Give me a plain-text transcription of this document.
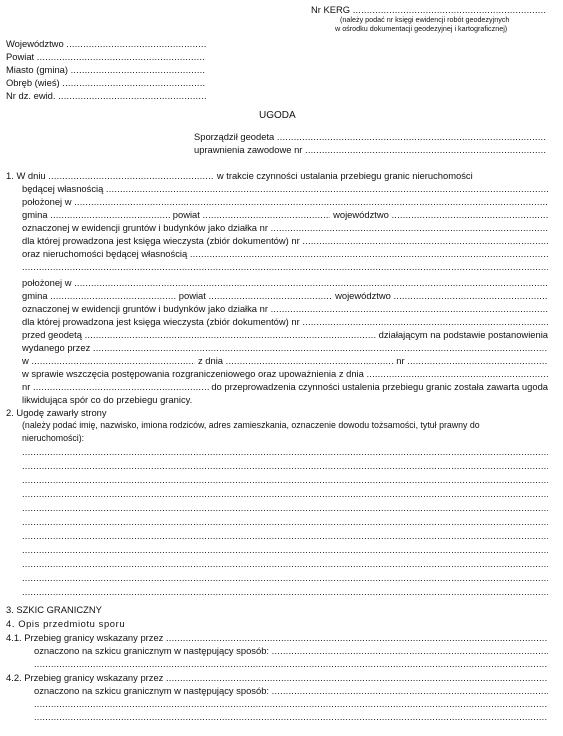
Nr KERG

.....
(należy podać nr księgi ewidencji robót geodezyjnych
w ośrodku dokumentacji geodezyjnej i kartograficznej)
Województwo

.....
Powiat

.....
Miasto (gmina)

.....
Obręb (wieś)

.....
Nr dz. ewid.

.....
UGODA
Sporządził geodeta

.....
uprawnienia zawodowe nr

.....
1.
W dniu
.....
	w trakcie czynności ustalania przebiegu granic nieruchomości
będącej własnością

.....
położonej w

.....
gmina
.....
	powiat
.....
	województwo

.....
oznaczonej w ewidencji gruntów i budynków jako działka nr

.....
dla której prowadzona jest księga wieczysta (zbiór dokumentów) nr

.....
oraz nieruchomości będącej własnością

.....
.....
położonej w

.....
gmina
.....
	powiat
.....
	województwo

.....
oznaczonej w ewidencji gruntów i budynków jako działka nr

.....
dla której prowadzona jest księga wieczysta (zbiór dokumentów) nr

.....
przed geodetą
.....
	działającym na podstawie postanowienia
wydanego przez

.....
w
.....
	z dnia
.....
	nr

.....
w sprawie wszczęcia postępowania rozgraniczeniowego oraz upoważnienia z dnia

.....
nr
.....
	do przeprowadzenia czynności ustalenia przebiegu granic została zawarta ugoda
likwidująca spór co do przebiegu granicy.
2. Ugodę zawarły strony
(należy podać imię, nazwisko, imiona rodziców, adres zamieszkania, oznaczenie dowodu tożsamości, tytuł prawny do
nieruchomości):
.....
.....
.....
.....
.....
.....
.....
.....
.....
.....
.....
3. SZKIC GRANICZNY
4. Opis przedmiotu sporu
4.1. Przebieg granicy wskazany przez

.....
oznaczono na szkicu granicznym w następujący sposób:

.....
.....
4.2. Przebieg granicy wskazany przez

.....
oznaczono na szkicu granicznym w następujący sposób:

.....
.....
.....
